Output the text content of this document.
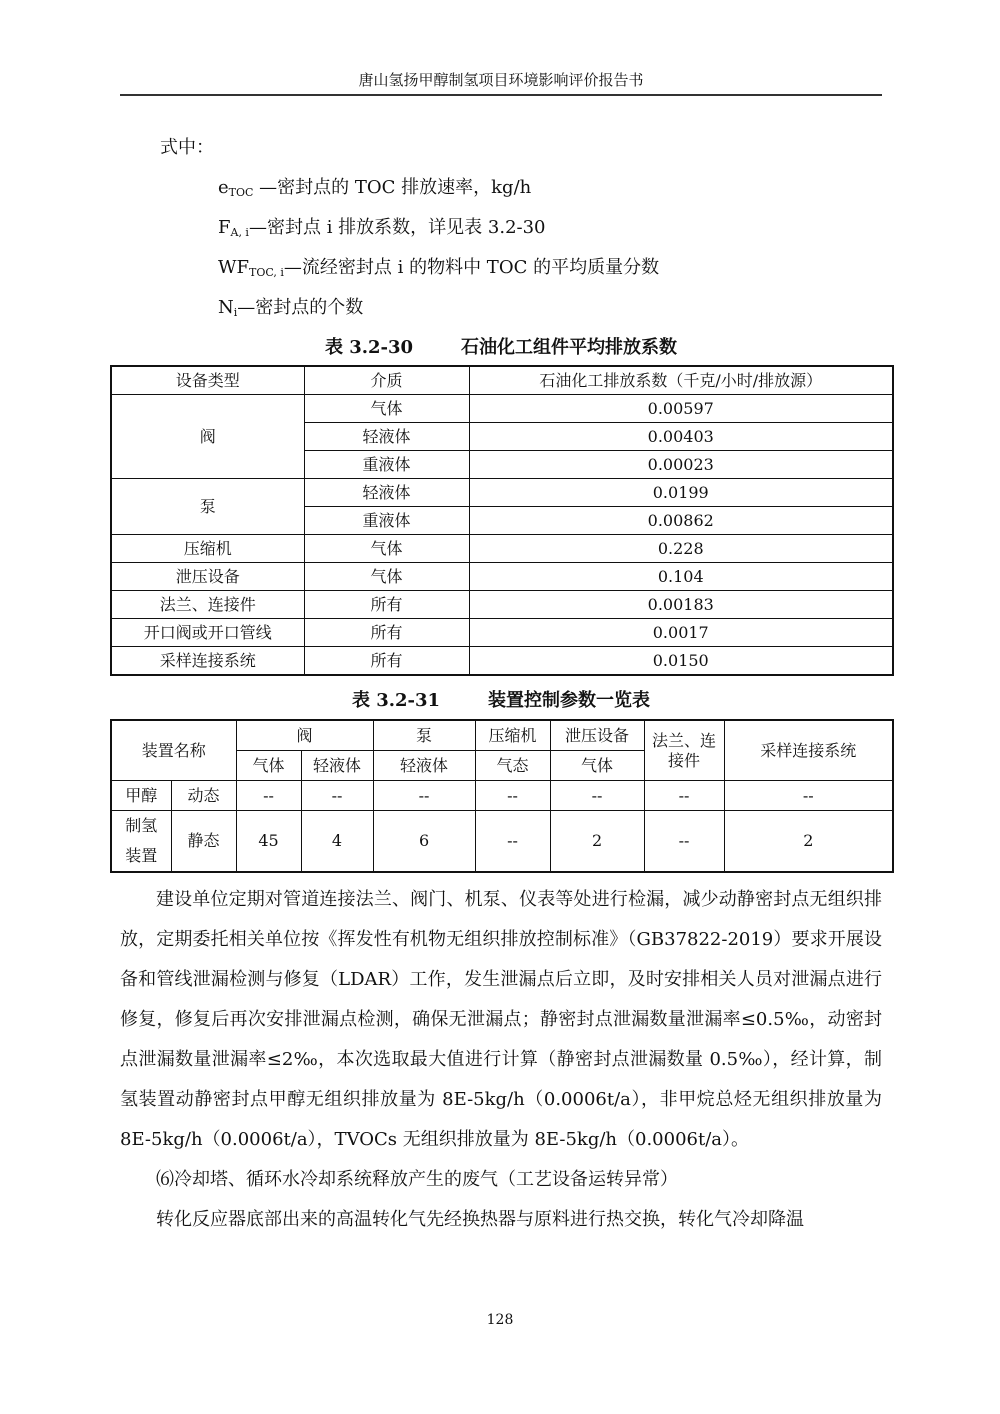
唐山氢扬甲醇制氢项目环境影响评价报告书
式中：
$e_{TOC}$ —密封点的 TOC 排放速率，kg/h
$F_{A, i}—$密封点 i 排放系数，详见表 3.2-30
$WF_{TOC, i}—$流经密封点 i 的物料中 TOC 的平均质量分数
$N_i—$密封点的个数
表 3.2-30	石油化工组件平均排放系数
设备类型	介质	石油化工排放系数（千克/小时/排放源）
阀	气体	0.00597
	轻液体	0.00403
	重液体	0.00023
泵	轻液体	0.0199
	重液体	0.00862
压缩机	气体	0.228
泄压设备	气体	0.104
法兰、连接件	所有	0.00183
开口阀或开口管线	所有	0.0017
采样连接系统	所有	0.0150
表 3.2-31	装置控制参数一览表
装置名称		阀		泵	压缩机	泄压设备	法兰、连接件	采样连接系统
		气体	轻液体	轻液体	气态	气体		
甲醇	动态	--	--	--	--	--	--	--
制氢
装置	静态	45	4	6	--	2	--	2

建设单位定期对管道连接法兰、阀门、机泵、仪表等处进行检漏，减少动静密封点无组织排放，定期委托相关单位按《挥发性有机物无组织排放控制标准》（GB37822-2019）要求开展设备和管线泄漏检测与修复（LDAR）工作，发生泄漏点后立即，及时安排相关人员对泄漏点进行修复，修复后再次安排泄漏点检测，确保无泄漏点；静密封点泄漏数量泄漏率≤0.5‰，动密封点泄漏数量泄漏率≤2‰，本次选取最大值进行计算（静密封点泄漏数量 0.5‰），经计算，制氢装置动静密封点甲醇无组织排放量为 8E-5kg/h（0.0006t/a），非甲烷总烃无组织排放量为 8E-5kg/h（0.0006t/a），TVOCs 无组织排放量为 8E-5kg/h（0.0006t/a）。

⑹冷却塔、循环水冷却系统释放产生的废气（工艺设备运转异常）

转化反应器底部出来的高温转化气先经换热器与原料进行热交换，转化气冷却降温

128
